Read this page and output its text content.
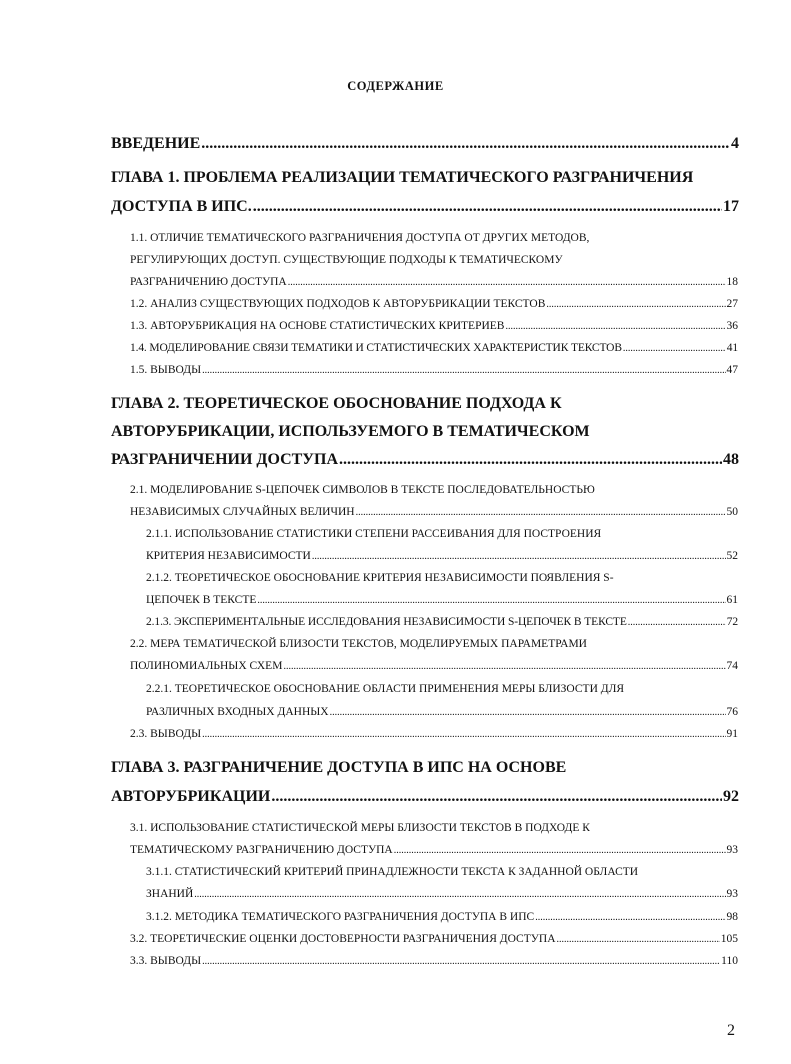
СОДЕРЖАНИЕ
ВВЕДЕНИЕ .....	4
ГЛАВА 1. ПРОБЛЕМА РЕАЛИЗАЦИИ ТЕМАТИЧЕСКОГО РАЗГРАНИЧЕНИЯ
ДОСТУПА В ИПС. .....	17
1.1. ОТЛИЧИЕ ТЕМАТИЧЕСКОГО РАЗГРАНИЧЕНИЯ ДОСТУПА ОТ ДРУГИХ МЕТОДОВ,
РЕГУЛИРУЮЩИХ ДОСТУП. СУЩЕСТВУЮЩИЕ ПОДХОДЫ К ТЕМАТИЧЕСКОМУ
РАЗГРАНИЧЕНИЮ ДОСТУПА .....	18
1.2. АНАЛИЗ СУЩЕСТВУЮЩИХ ПОДХОДОВ К АВТОРУБРИКАЦИИ ТЕКСТОВ .....	27
1.3. АВТОРУБРИКАЦИЯ НА ОСНОВЕ СТАТИСТИЧЕСКИХ КРИТЕРИЕВ .....	36
1.4. МОДЕЛИРОВАНИЕ СВЯЗИ ТЕМАТИКИ И СТАТИСТИЧЕСКИХ ХАРАКТЕРИСТИК ТЕКСТОВ .....	41
1.5. ВЫВОДЫ .....	47
ГЛАВА 2. ТЕОРЕТИЧЕСКОЕ ОБОСНОВАНИЕ ПОДХОДА К
АВТОРУБРИКАЦИИ, ИСПОЛЬЗУЕМОГО В ТЕМАТИЧЕСКОМ
РАЗГРАНИЧЕНИИ ДОСТУПА .....	48
2.1. МОДЕЛИРОВАНИЕ S-ЦЕПОЧЕК СИМВОЛОВ В ТЕКСТЕ ПОСЛЕДОВАТЕЛЬНОСТЬЮ
НЕЗАВИСИМЫХ СЛУЧАЙНЫХ ВЕЛИЧИН .....	50
2.1.1. ИСПОЛЬЗОВАНИЕ СТАТИСТИКИ СТЕПЕНИ РАССЕИВАНИЯ ДЛЯ ПОСТРОЕНИЯ
КРИТЕРИЯ НЕЗАВИСИМОСТИ .....	52
2.1.2. ТЕОРЕТИЧЕСКОЕ ОБОСНОВАНИЕ КРИТЕРИЯ НЕЗАВИСИМОСТИ ПОЯВЛЕНИЯ S-
ЦЕПОЧЕК В ТЕКСТЕ .....	61
2.1.3. ЭКСПЕРИМЕНТАЛЬНЫЕ ИССЛЕДОВАНИЯ НЕЗАВИСИМОСТИ S-ЦЕПОЧЕК В ТЕКСТЕ .....	72
2.2. МЕРА ТЕМАТИЧЕСКОЙ БЛИЗОСТИ ТЕКСТОВ, МОДЕЛИРУЕМЫХ ПАРАМЕТРАМИ
ПОЛИНОМИАЛЬНЫХ СХЕМ .....	74
2.2.1. ТЕОРЕТИЧЕСКОЕ ОБОСНОВАНИЕ ОБЛАСТИ ПРИМЕНЕНИЯ МЕРЫ БЛИЗОСТИ ДЛЯ
РАЗЛИЧНЫХ ВХОДНЫХ ДАННЫХ .....	76
2.3. ВЫВОДЫ .....	91
ГЛАВА 3. РАЗГРАНИЧЕНИЕ ДОСТУПА В ИПС НА ОСНОВЕ
АВТОРУБРИКАЦИИ .....	92
3.1. ИСПОЛЬЗОВАНИЕ СТАТИСТИЧЕСКОЙ МЕРЫ БЛИЗОСТИ ТЕКСТОВ В ПОДХОДЕ К
ТЕМАТИЧЕСКОМУ РАЗГРАНИЧЕНИЮ ДОСТУПА .....	93
3.1.1. СТАТИСТИЧЕСКИЙ КРИТЕРИЙ ПРИНАДЛЕЖНОСТИ ТЕКСТА К ЗАДАННОЙ ОБЛАСТИ
ЗНАНИЙ .....	93
3.1.2. МЕТОДИКА ТЕМАТИЧЕСКОГО РАЗГРАНИЧЕНИЯ ДОСТУПА В ИПС .....	98
3.2. ТЕОРЕТИЧЕСКИЕ ОЦЕНКИ ДОСТОВЕРНОСТИ РАЗГРАНИЧЕНИЯ ДОСТУПА .....	105
3.3. ВЫВОДЫ .....	110
2
